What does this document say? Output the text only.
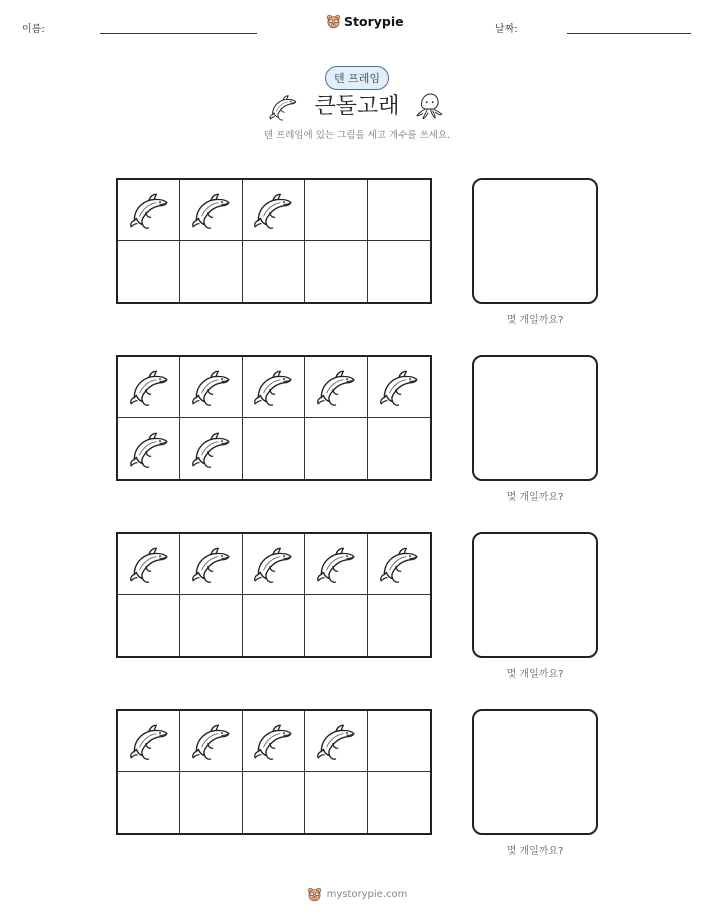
이름:
Storypie
날짜:
텐 프레임
큰돌고래
텐 프레임에 있는 그림을 세고 개수를 쓰세요.
몇 개일까요?
몇 개일까요?
몇 개일까요?
몇 개일까요?
mystorypie.com
